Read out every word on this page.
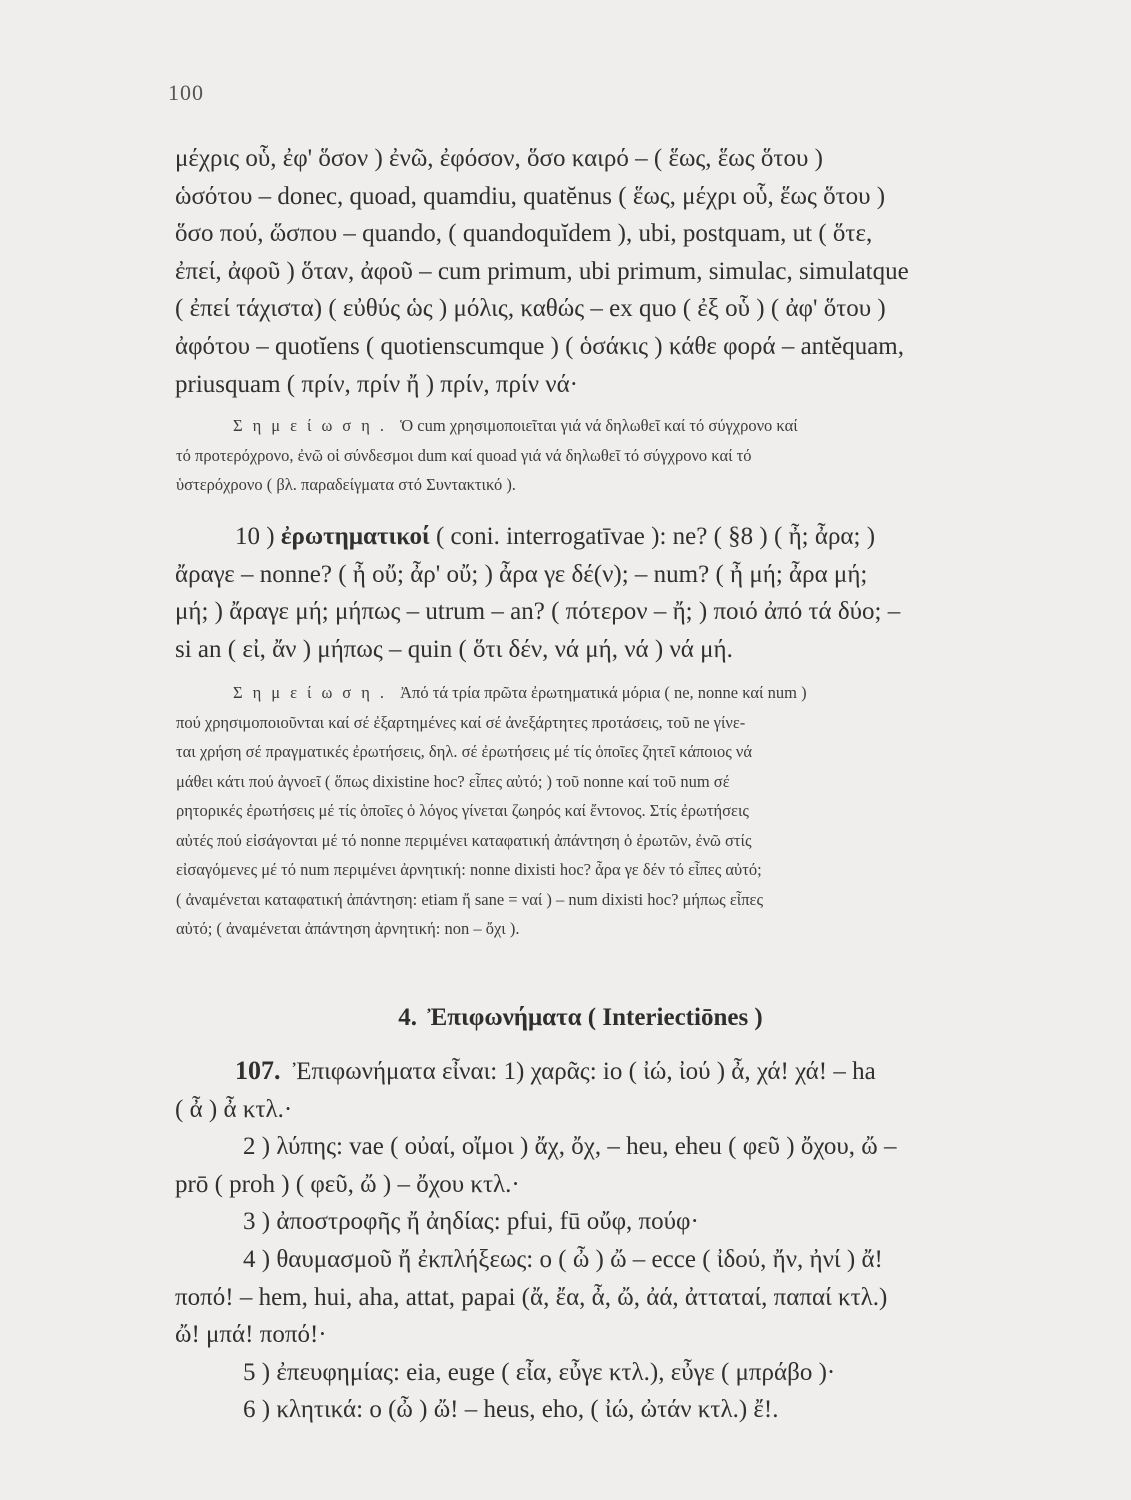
100
μέχρις οὗ, ἐφ' ὅσον ) ἐνῶ, ἐφόσον, ὅσο καιρό – ( ἕως, ἕως ὅτου )
ὡσότου – donec, quoad, quamdiu, quatĕnus ( ἕως, μέχρι οὗ, ἕως ὅτου )
ὅσο πού, ὥσπου – quando, ( quandoquĭdem ), ubi, postquam, ut ( ὅτε,
ἐπεί, ἀφοῦ ) ὅταν, ἀφοῦ – cum primum, ubi primum, simulac, simulatque
( ἐπεί τάχιστα) ( εὐθύς ὡς ) μόλις, καθώς – ex quo ( ἐξ οὗ ) ( ἀφ' ὅτου )
ἀφότου – quotĭens ( quotienscumque ) ( ὁσάκις ) κάθε φορά – antĕquam,
priusquam ( πρίν, πρίν ἤ ) πρίν, πρίν νά·
Σημείωση. Ὁ cum χρησιμοποιεῖται γιά νά δηλωθεῖ καί τό σύγχρονο καί
τό προτερόχρονο, ἐνῶ οἱ σύνδεσμοι dum καί quoad γιά νά δηλωθεῖ τό σύγχρονο καί τό
ὑστερόχρονο ( βλ. παραδείγματα στό Συντακτικό ).
10 ) ἐρωτηματικοί ( coni. interrogatīvae ): ne? ( §8 ) ( ἦ; ἆρα; )
ἄραγε – nonne? ( ἦ οὔ; ἆρ' οὔ; ) ἆρα γε δέ(ν); – num? ( ἦ μή; ἆρα μή;
μή; ) ἄραγε μή; μήπως – utrum – an? ( πότερον – ἤ; ) ποιό ἀπό τά δύο; –
si an ( εἰ, ἄν ) μήπως – quin ( ὅτι δέν, νά μή, νά ) νά μή.
Σημείωση. Ἀπό τά τρία πρῶτα ἐρωτηματικά μόρια ( ne, nonne καί num )
πού χρησιμοποιοῦνται καί σέ ἐξαρτημένες καί σέ ἀνεξάρτητες προτάσεις, τοῦ ne γίνε-
ται χρήση σέ πραγματικές ἐρωτήσεις, δηλ. σέ ἐρωτήσεις μέ τίς ὁποῖες ζητεῖ κάποιος νά
μάθει κάτι πού ἀγνοεῖ ( ὅπως dixistine hoc? εἶπες αὐτό; ) τοῦ nonne καί τοῦ num σέ
ρητορικές ἐρωτήσεις μέ τίς ὁποῖες ὁ λόγος γίνεται ζωηρός καί ἔντονος. Στίς ἐρωτήσεις
αὐτές πού εἰσάγονται μέ τό nonne περιμένει καταφατική ἀπάντηση ὁ ἐρωτῶν, ἐνῶ στίς
εἰσαγόμενες μέ τό num περιμένει ἀρνητική: nonne dixisti hoc? ἆρα γε δέν τό εἶπες αὐτό;
( ἀναμένεται καταφατική ἀπάντηση: etiam ἤ sane = ναί ) – num dixisti hoc? μήπως εἶπες
αὐτό; ( ἀναμένεται ἀπάντηση ἀρνητική: non – ὄχι ).
4. Ἐπιφωνήματα ( Interiectiōnes )
107. Ἐπιφωνήματα εἶναι: 1) χαρᾶς: io ( ἰώ, ἰού ) ἆ, χά! χά! – ha
( ἆ ) ἆ κτλ.·
2 ) λύπης: vae ( οὐαί, οἴμοι ) ἄχ, ὄχ, – heu, eheu ( φεῦ ) ὄχου, ὤ –
prō ( proh ) ( φεῦ, ὤ ) – ὄχου κτλ.·
3 ) ἀποστροφῆς ἤ ἀηδίας: pfui, fū οὔφ, πούφ·
4 ) θαυμασμοῦ ἤ ἐκπλήξεως: o ( ὦ ) ὤ – ecce ( ἰδού, ἤν, ἠνί ) ἄ!
ποπό! – hem, hui, aha, attat, papai (ἄ, ἔα, ἆ, ὤ, ἀά, ἀτταταί, παπαί κτλ.)
ὤ! μπά! ποπό!·
5 ) ἐπευφημίας: eia, euge ( εἶα, εὖγε κτλ.), εὖγε ( μπράβο )·
6 ) κλητικά: o (ὦ ) ὤ! – heus, eho, ( ἰώ, ὠτάν κτλ.) ἔ!.
